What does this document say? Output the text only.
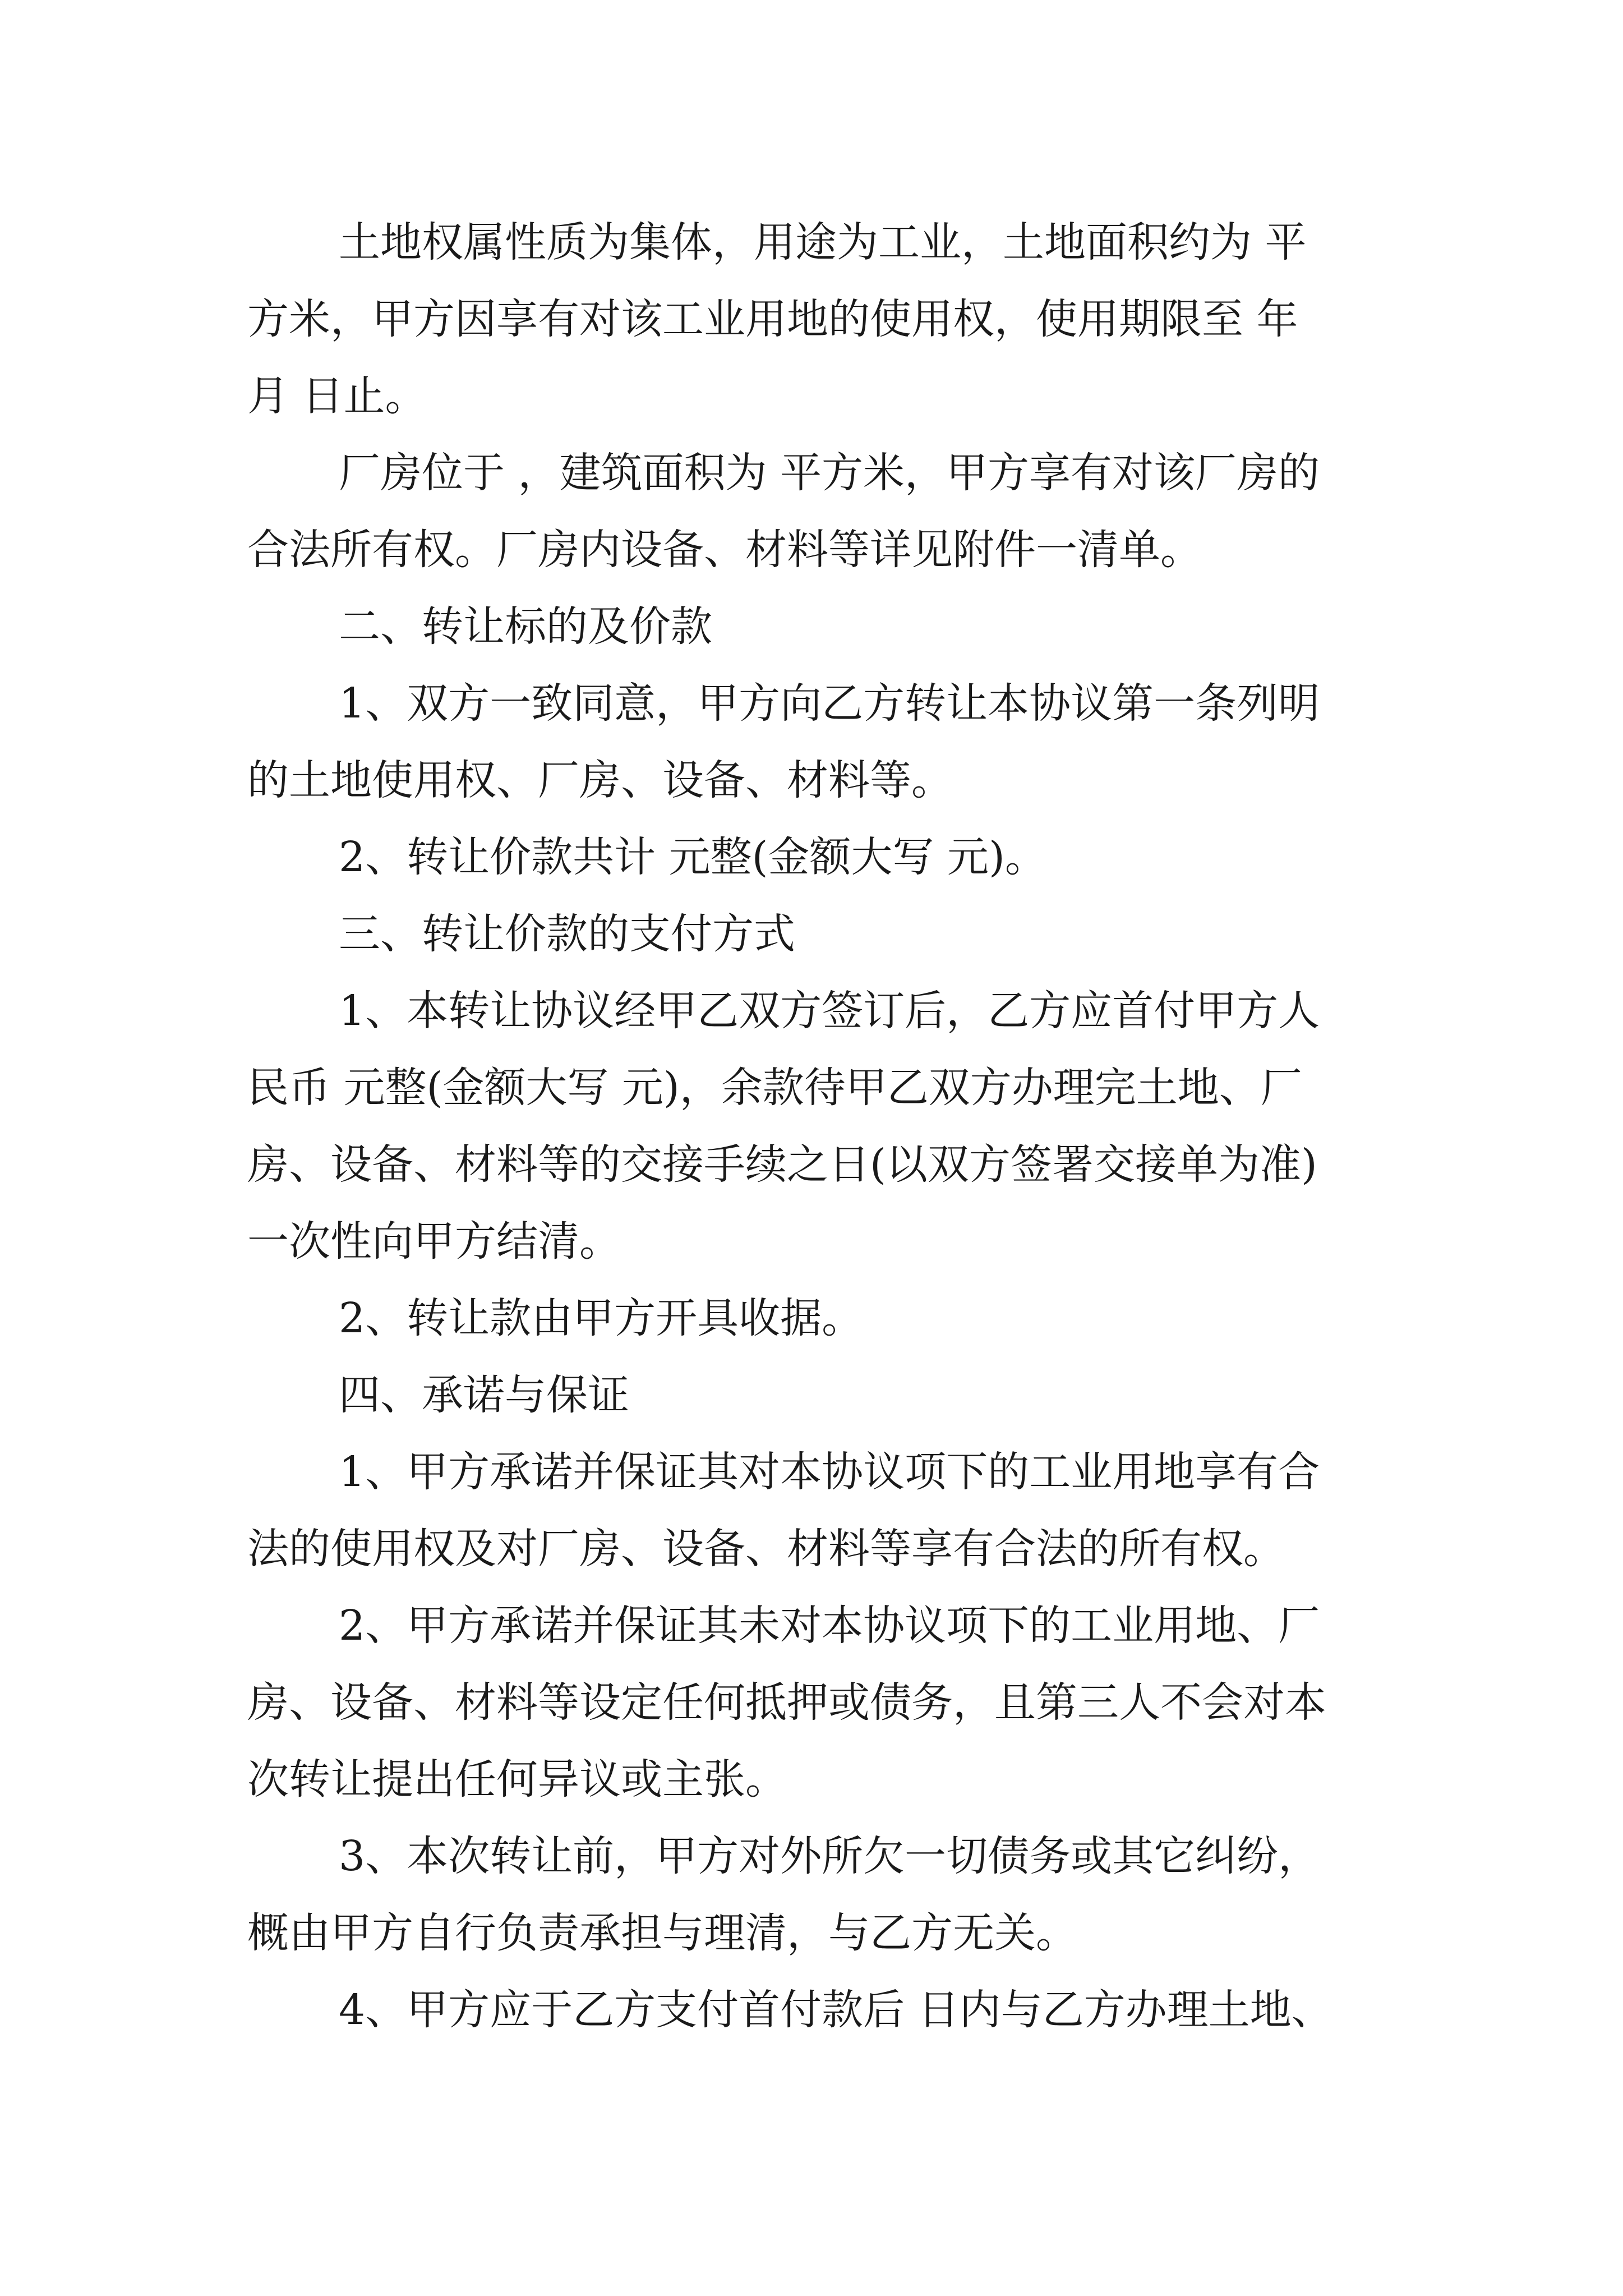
土地权属性质为集体，用途为工业，土地面积约为 平

方米，甲方因享有对该工业用地的使用权，使用期限至 年

月 日止。

厂房位于 ，建筑面积为 平方米，甲方享有对该厂房的

合法所有权。厂房内设备、材料等详见附件一清单。

二、转让标的及价款

1、双方一致同意，甲方向乙方转让本协议第一条列明

的土地使用权、厂房、设备、材料等。

2、转让价款共计 元整(金额大写 元)。

三、转让价款的支付方式

1、本转让协议经甲乙双方签订后，乙方应首付甲方人

民币 元整(金额大写 元)，余款待甲乙双方办理完土地、厂

房、设备、材料等的交接手续之日(以双方签署交接单为准)

一次性向甲方结清。

2、转让款由甲方开具收据。

四、承诺与保证

1、甲方承诺并保证其对本协议项下的工业用地享有合

法的使用权及对厂房、设备、材料等享有合法的所有权。

2、甲方承诺并保证其未对本协议项下的工业用地、厂

房、设备、材料等设定任何抵押或债务，且第三人不会对本

次转让提出任何异议或主张。

3、本次转让前，甲方对外所欠一切债务或其它纠纷，

概由甲方自行负责承担与理清，与乙方无关。

4、甲方应于乙方支付首付款后 日内与乙方办理土地、
